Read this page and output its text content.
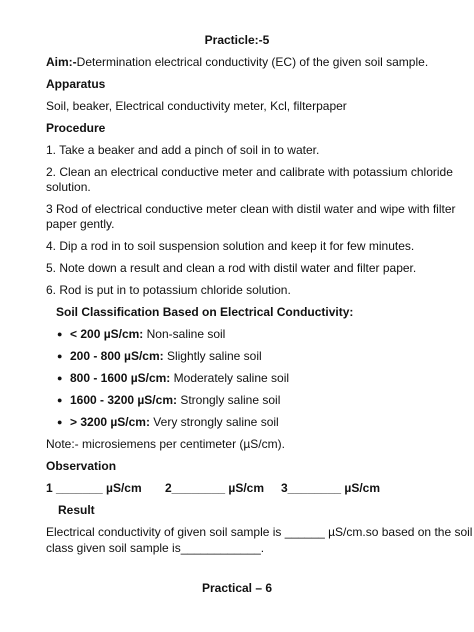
Practicle:-5
Aim:-Determination electrical conductivity (EC) of the given soil sample.
Apparatus
Soil, beaker, Electrical conductivity meter, Kcl, filterpaper
Procedure
1. Take a beaker and add a pinch of soil in to water.
2. Clean an electrical conductive meter and calibrate with potassium chloride solution.
3 Rod of electrical conductive meter clean with distil water and wipe with filter paper gently.
4. Dip a rod in to soil suspension solution and keep it for few minutes.
5. Note down a result and clean a rod with distil water and filter paper.
6. Rod is put in to potassium chloride solution.
Soil Classification Based on Electrical Conductivity:
● < 200 µS/cm: Non-saline soil
● 200 - 800 µS/cm: Slightly saline soil
● 800 - 1600 µS/cm: Moderately saline soil
● 1600 - 3200 µS/cm: Strongly saline soil
● > 3200 µS/cm: Very strongly saline soil
Note:- microsiemens per centimeter (µS/cm).
Observation
1 _______ µS/cm 2________ µS/cm 3________ µS/cm
Result
Electrical conductivity of given soil sample is ______ µS/cm.so based on the soil
class given soil sample is____________.
Practical – 6
